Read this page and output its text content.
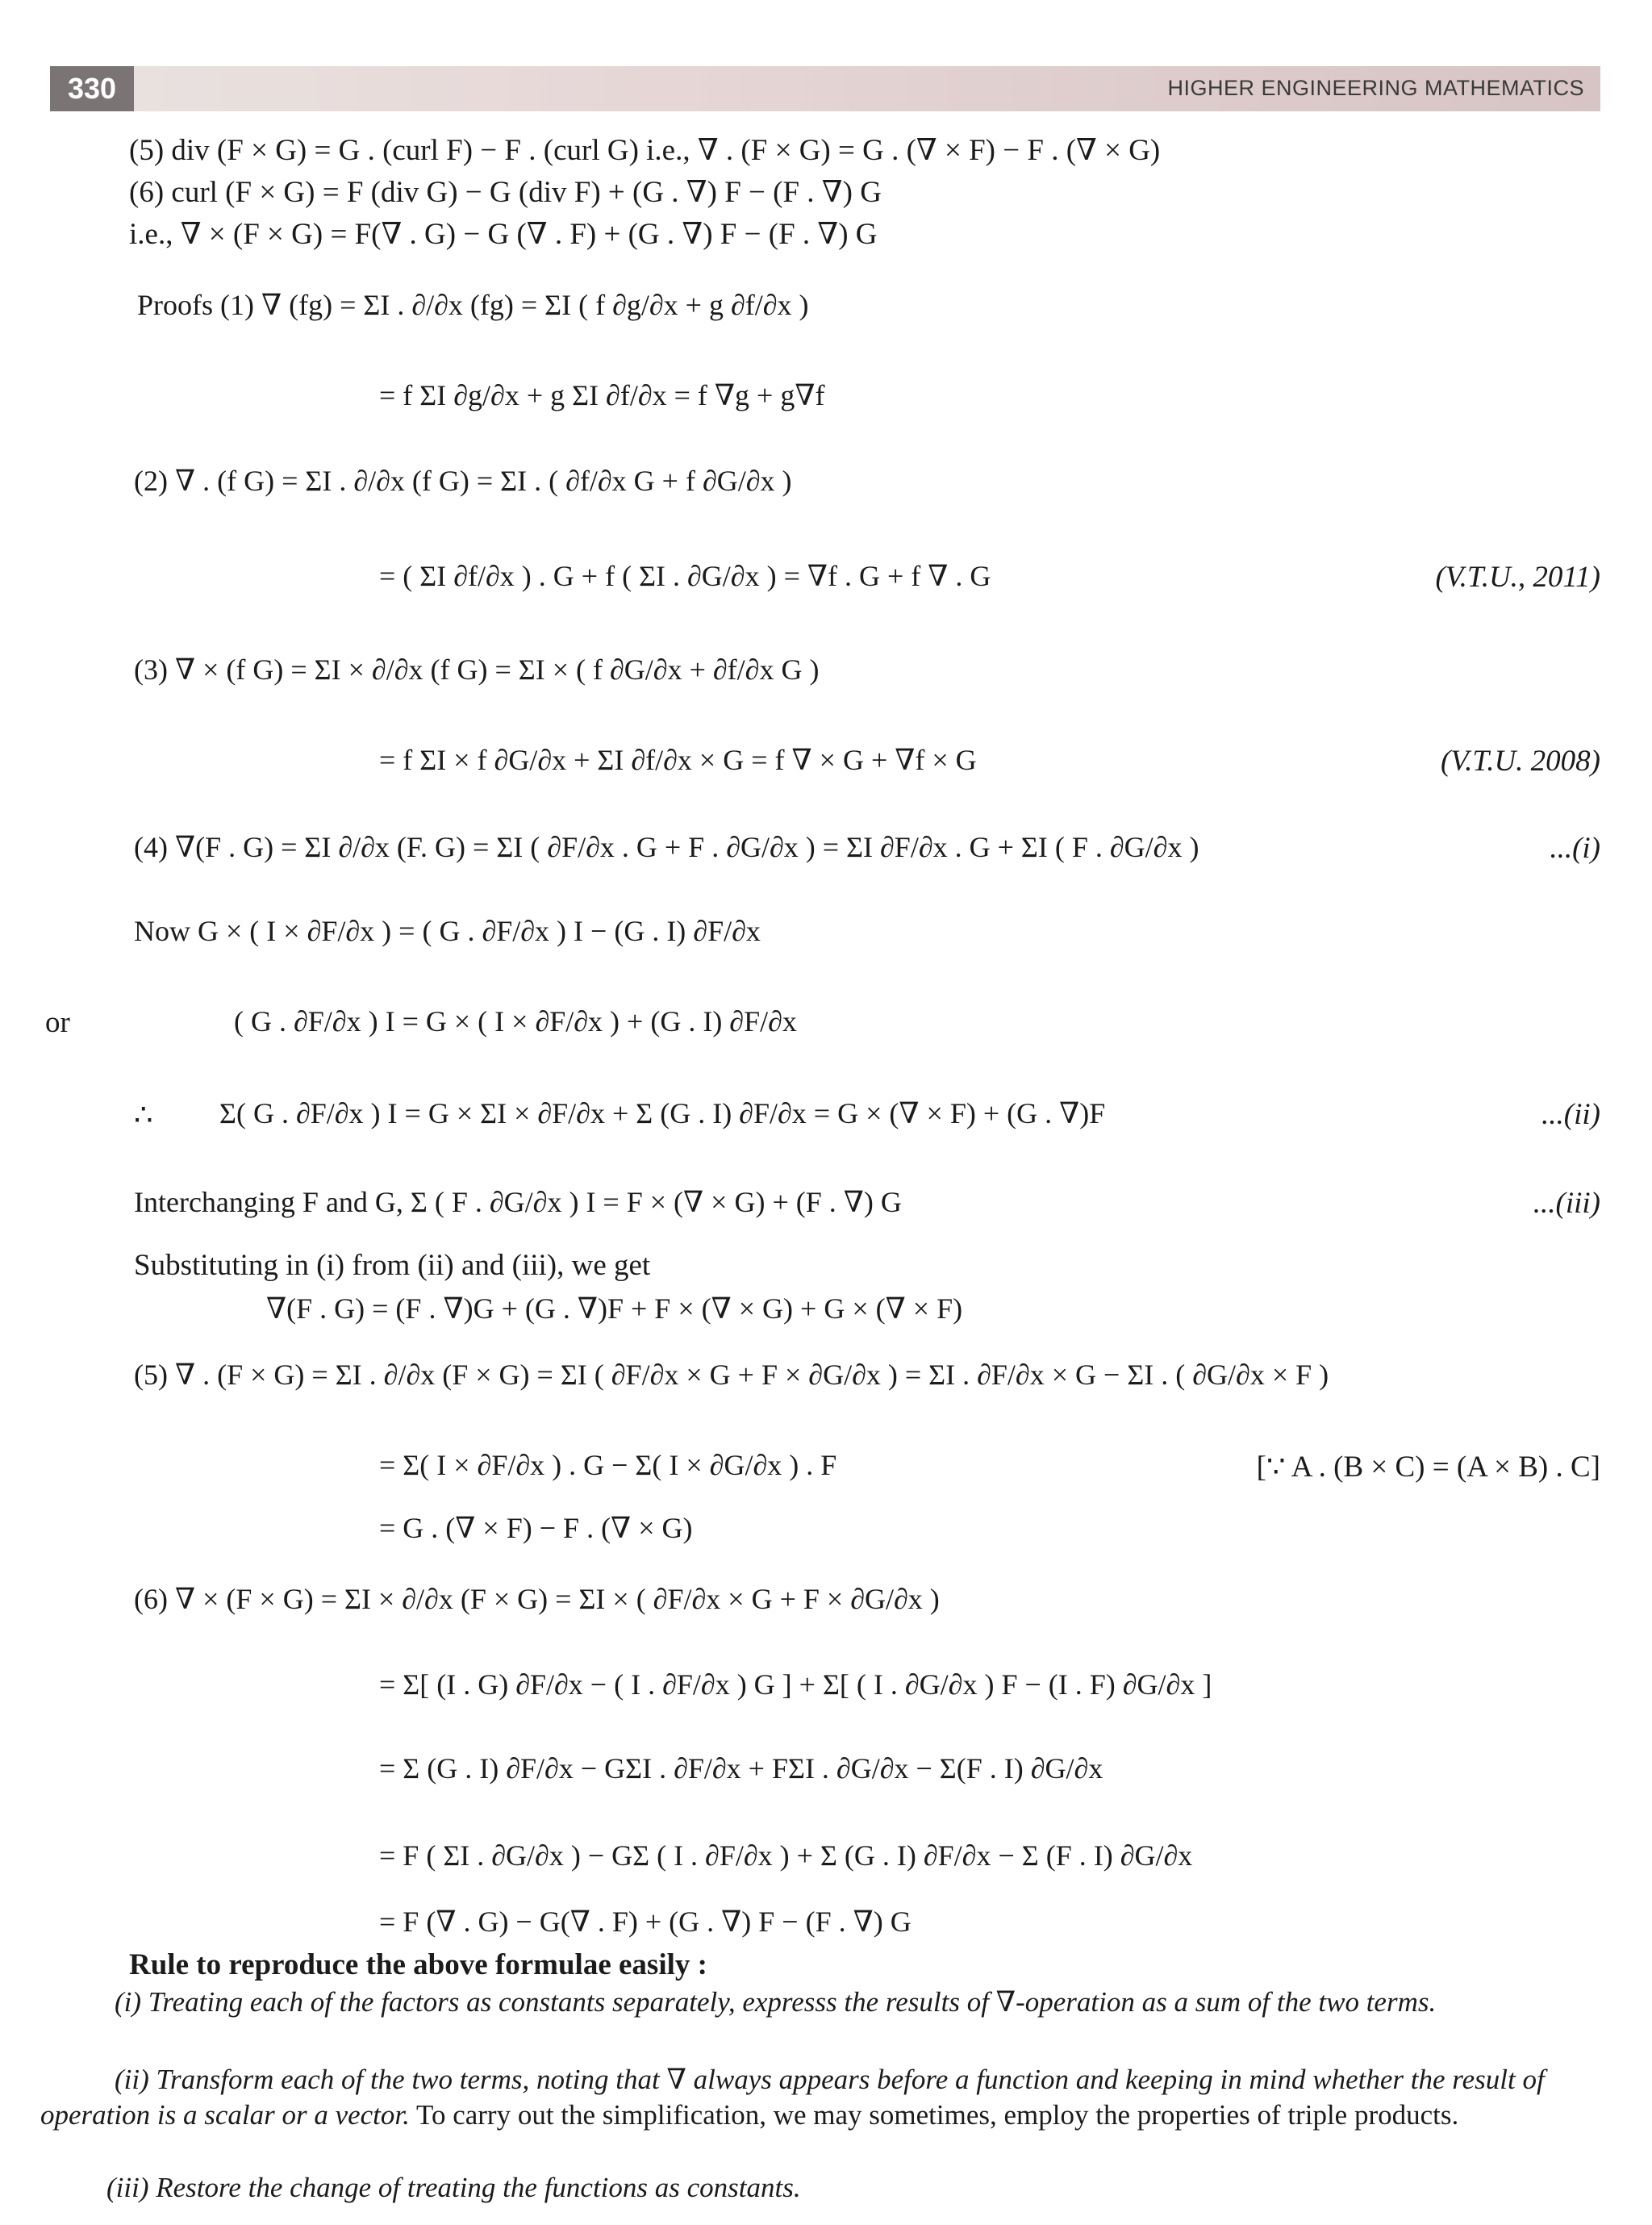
330	HIGHER ENGINEERING MATHEMATICS
(5) div (F × G) = G . (curl F) − F . (curl G) i.e., ∇ . (F × G) = G . (∇ × F) − F . (∇ × G)
(6) curl (F × G) = F (div G) − G (div F) + (G . ∇) F − (F . ∇) G
i.e., ∇ × (F × G) = F(∇ . G) − G (∇ . F) + (G . ∇) F − (F . ∇) G
Proofs (1) ∇ (fg) = ΣI . ∂/∂x (fg) = ΣI ( f ∂g/∂x + g ∂f/∂x )
= f ΣI ∂g/∂x + g ΣI ∂f/∂x = f ∇g + g∇f
(2) ∇ . (f G) = ΣI . ∂/∂x (f G) = ΣI . ( ∂f/∂x G + f ∂G/∂x )
= ( ΣI ∂f/∂x ) . G + f ( ΣI . ∂G/∂x ) = ∇f . G + f ∇ . G	(V.T.U., 2011)
(3) ∇ × (f G) = ΣI × ∂/∂x (f G) = ΣI × ( f ∂G/∂x + ∂f/∂x G )
= f ΣI × f ∂G/∂x + ΣI ∂f/∂x × G = f ∇ × G + ∇f × G	(V.T.U. 2008)
(4) ∇(F . G) = ΣI ∂/∂x (F. G) = ΣI ( ∂F/∂x . G + F . ∂G/∂x ) = ΣI ∂F/∂x . G + ΣI ( F . ∂G/∂x )	...(i)
Now G × ( I × ∂F/∂x ) = ( G . ∂F/∂x ) I − (G . I) ∂F/∂x
or	( G . ∂F/∂x ) I = G × ( I × ∂F/∂x ) + (G . I) ∂F/∂x
∴ Σ( G . ∂F/∂x ) I = G × ΣI × ∂F/∂x + Σ (G . I) ∂F/∂x = G × (∇ × F) + (G . ∇)F	...(ii)
Interchanging F and G, Σ ( F . ∂G/∂x ) I = F × (∇ × G) + (F . ∇) G	...(iii)
Substituting in (i) from (ii) and (iii), we get
∇(F . G) = (F . ∇)G + (G . ∇)F + F × (∇ × G) + G × (∇ × F)
(5) ∇ . (F × G) = ΣI . ∂/∂x (F × G) = ΣI ( ∂F/∂x × G + F × ∂G/∂x ) = ΣI . ∂F/∂x × G − ΣI . ( ∂G/∂x × F )
= Σ( I × ∂F/∂x ) . G − Σ( I × ∂G/∂x ) . F	[∵ A . (B × C) = (A × B) . C]
= G . (∇ × F) − F . (∇ × G)
(6) ∇ × (F × G) = ΣI × ∂/∂x (F × G) = ΣI × ( ∂F/∂x × G + F × ∂G/∂x )
= Σ[ (I . G) ∂F/∂x − ( I . ∂F/∂x ) G ] + Σ[ ( I . ∂G/∂x ) F − (I . F) ∂G/∂x ]
= Σ (G . I) ∂F/∂x − GΣI . ∂F/∂x + FΣI . ∂G/∂x − Σ(F . I) ∂G/∂x
= F ( ΣI . ∂G/∂x ) − GΣ ( I . ∂F/∂x ) + Σ (G . I) ∂F/∂x − Σ (F . I) ∂G/∂x
= F (∇ . G) − G(∇ . F) + (G . ∇) F − (F . ∇) G
Rule to reproduce the above formulae easily :
(i) Treating each of the factors as constants separately, expresss the results of ∇-operation as a sum of the two terms.
(ii) Transform each of the two terms, noting that ∇ always appears before a function and keeping in mind whether the result of operation is a scalar or a vector. To carry out the simplification, we may sometimes, employ the properties of triple products.
(iii) Restore the change of treating the functions as constants.
